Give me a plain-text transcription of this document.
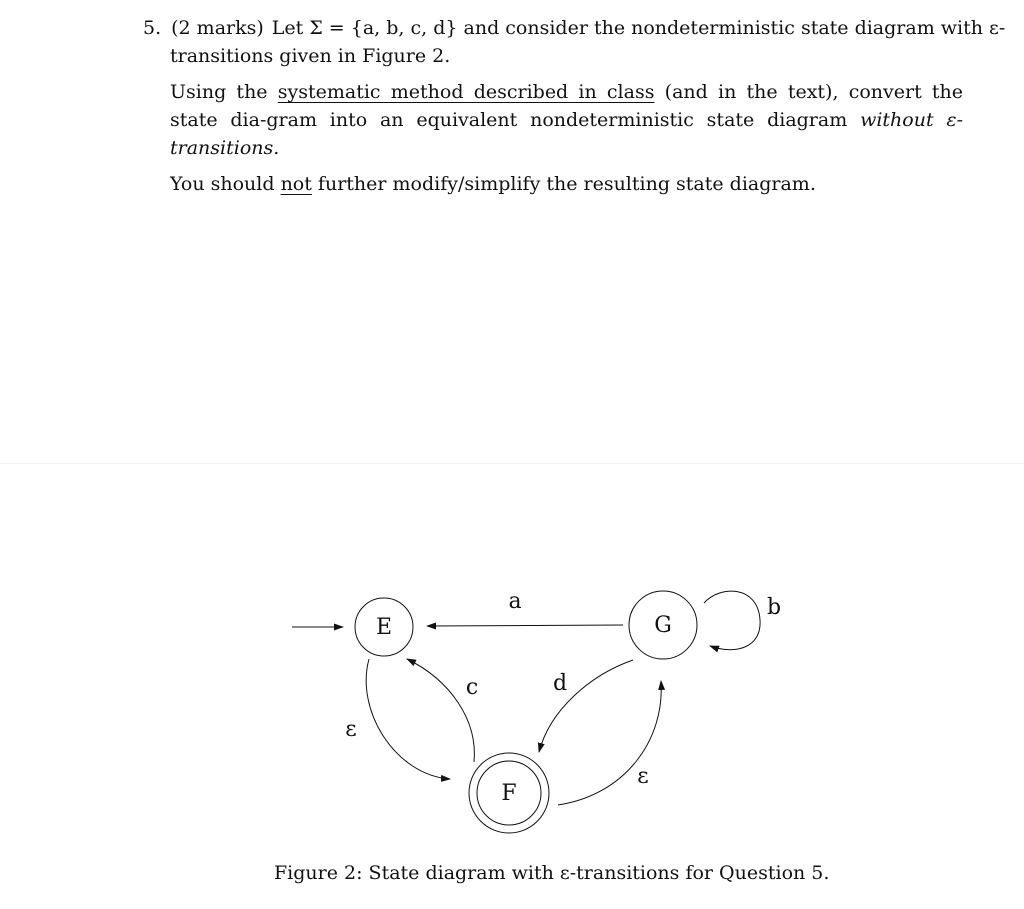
5. (2 marks) Let Σ = {a, b, c, d} and consider the nondeterministic state diagram with ε-
transitions given in Figure 2.
Using the systematic method described in class (and in the text), convert the state dia-gram into an equivalent nondeterministic state diagram without ε-transitions.
You should not further modify/simplify the resulting state diagram.
E	G
F
a	b
c	d
ε
ε
Figure 2: State diagram with ε-transitions for Question 5.
